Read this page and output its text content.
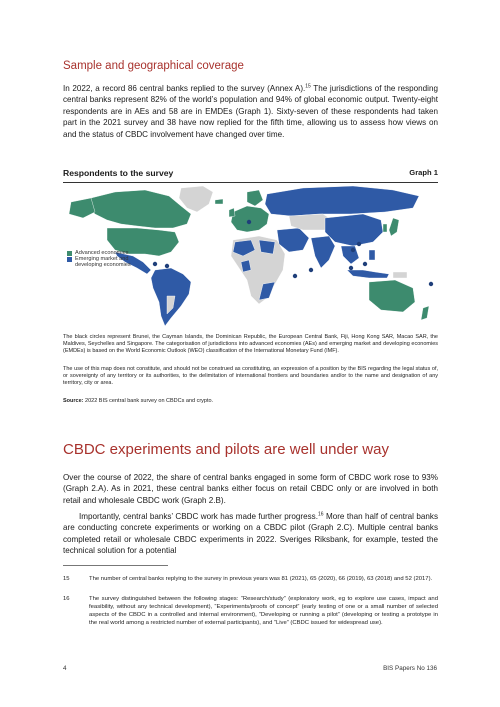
Sample and geographical coverage

In 2022, a record 86 central banks replied to the survey (Annex A).$^{15}$ The jurisdictions of the responding central banks represent 82% of the world’s population and 94% of global economic output. Twenty-eight respondents are in AEs and 58 are in EMDEs (Graph 1). Sixty-seven of these respondents had taken part in the 2021 survey and 38 have now replied for the fifth time, allowing us to assess how views on and the status of CBDC involvement have changed over time.

Respondents to the survey	Graph 1
Advanced economies
Emerging market and developing economies

The black circles represent Brunei, the Cayman Islands, the Dominican Republic, the European Central Bank, Fiji, Hong Kong SAR, Macao SAR, the Maldives, Seychelles and Singapore. The categorisation of jurisdictions into advanced economies (AEs) and emerging market and developing economies (EMDEs) is based on the World Economic Outlook (WEO) classification of the International Monetary Fund (IMF).

The use of this map does not constitute, and should not be construed as constituting, an expression of a position by the BIS regarding the legal status of, or sovereignty of any territory or its authorities, to the delimitation of international frontiers and boundaries and/or to the name and designation of any territory, city or area.

Source: 2022 BIS central bank survey on CBDCs and crypto.

CBDC experiments and pilots are well under way

Over the course of 2022, the share of central banks engaged in some form of CBDC work rose to 93% (Graph 2.A). As in 2021, these central banks either focus on retail CBDC only or are involved in both retail and wholesale CBDC work (Graph 2.B).

Importantly, central banks’ CBDC work has made further progress.$^{16}$ More than half of central banks are conducting concrete experiments or working on a CBDC pilot (Graph 2.C). Multiple central banks completed retail or wholesale CBDC experiments in 2022. Sveriges Riksbank, for example, tested the technical solution for a potential

15	The number of central banks replying to the survey in previous years was 81 (2021), 65 (2020), 66 (2019), 63 (2018) and 52 (2017).
16	The survey distinguished between the following stages: “Research/study” (exploratory work, eg to explore use cases, impact and feasibility, without any technical development), “Experiments/proofs of concept” (early testing of one or a small number of selected aspects of the CBDC in a controlled and internal environment), “Developing or running a pilot” (developing or testing a prototype in the real world among a restricted number of external participants), and “Live” (CBDC issued for widespread use).
4	BIS Papers No 136
